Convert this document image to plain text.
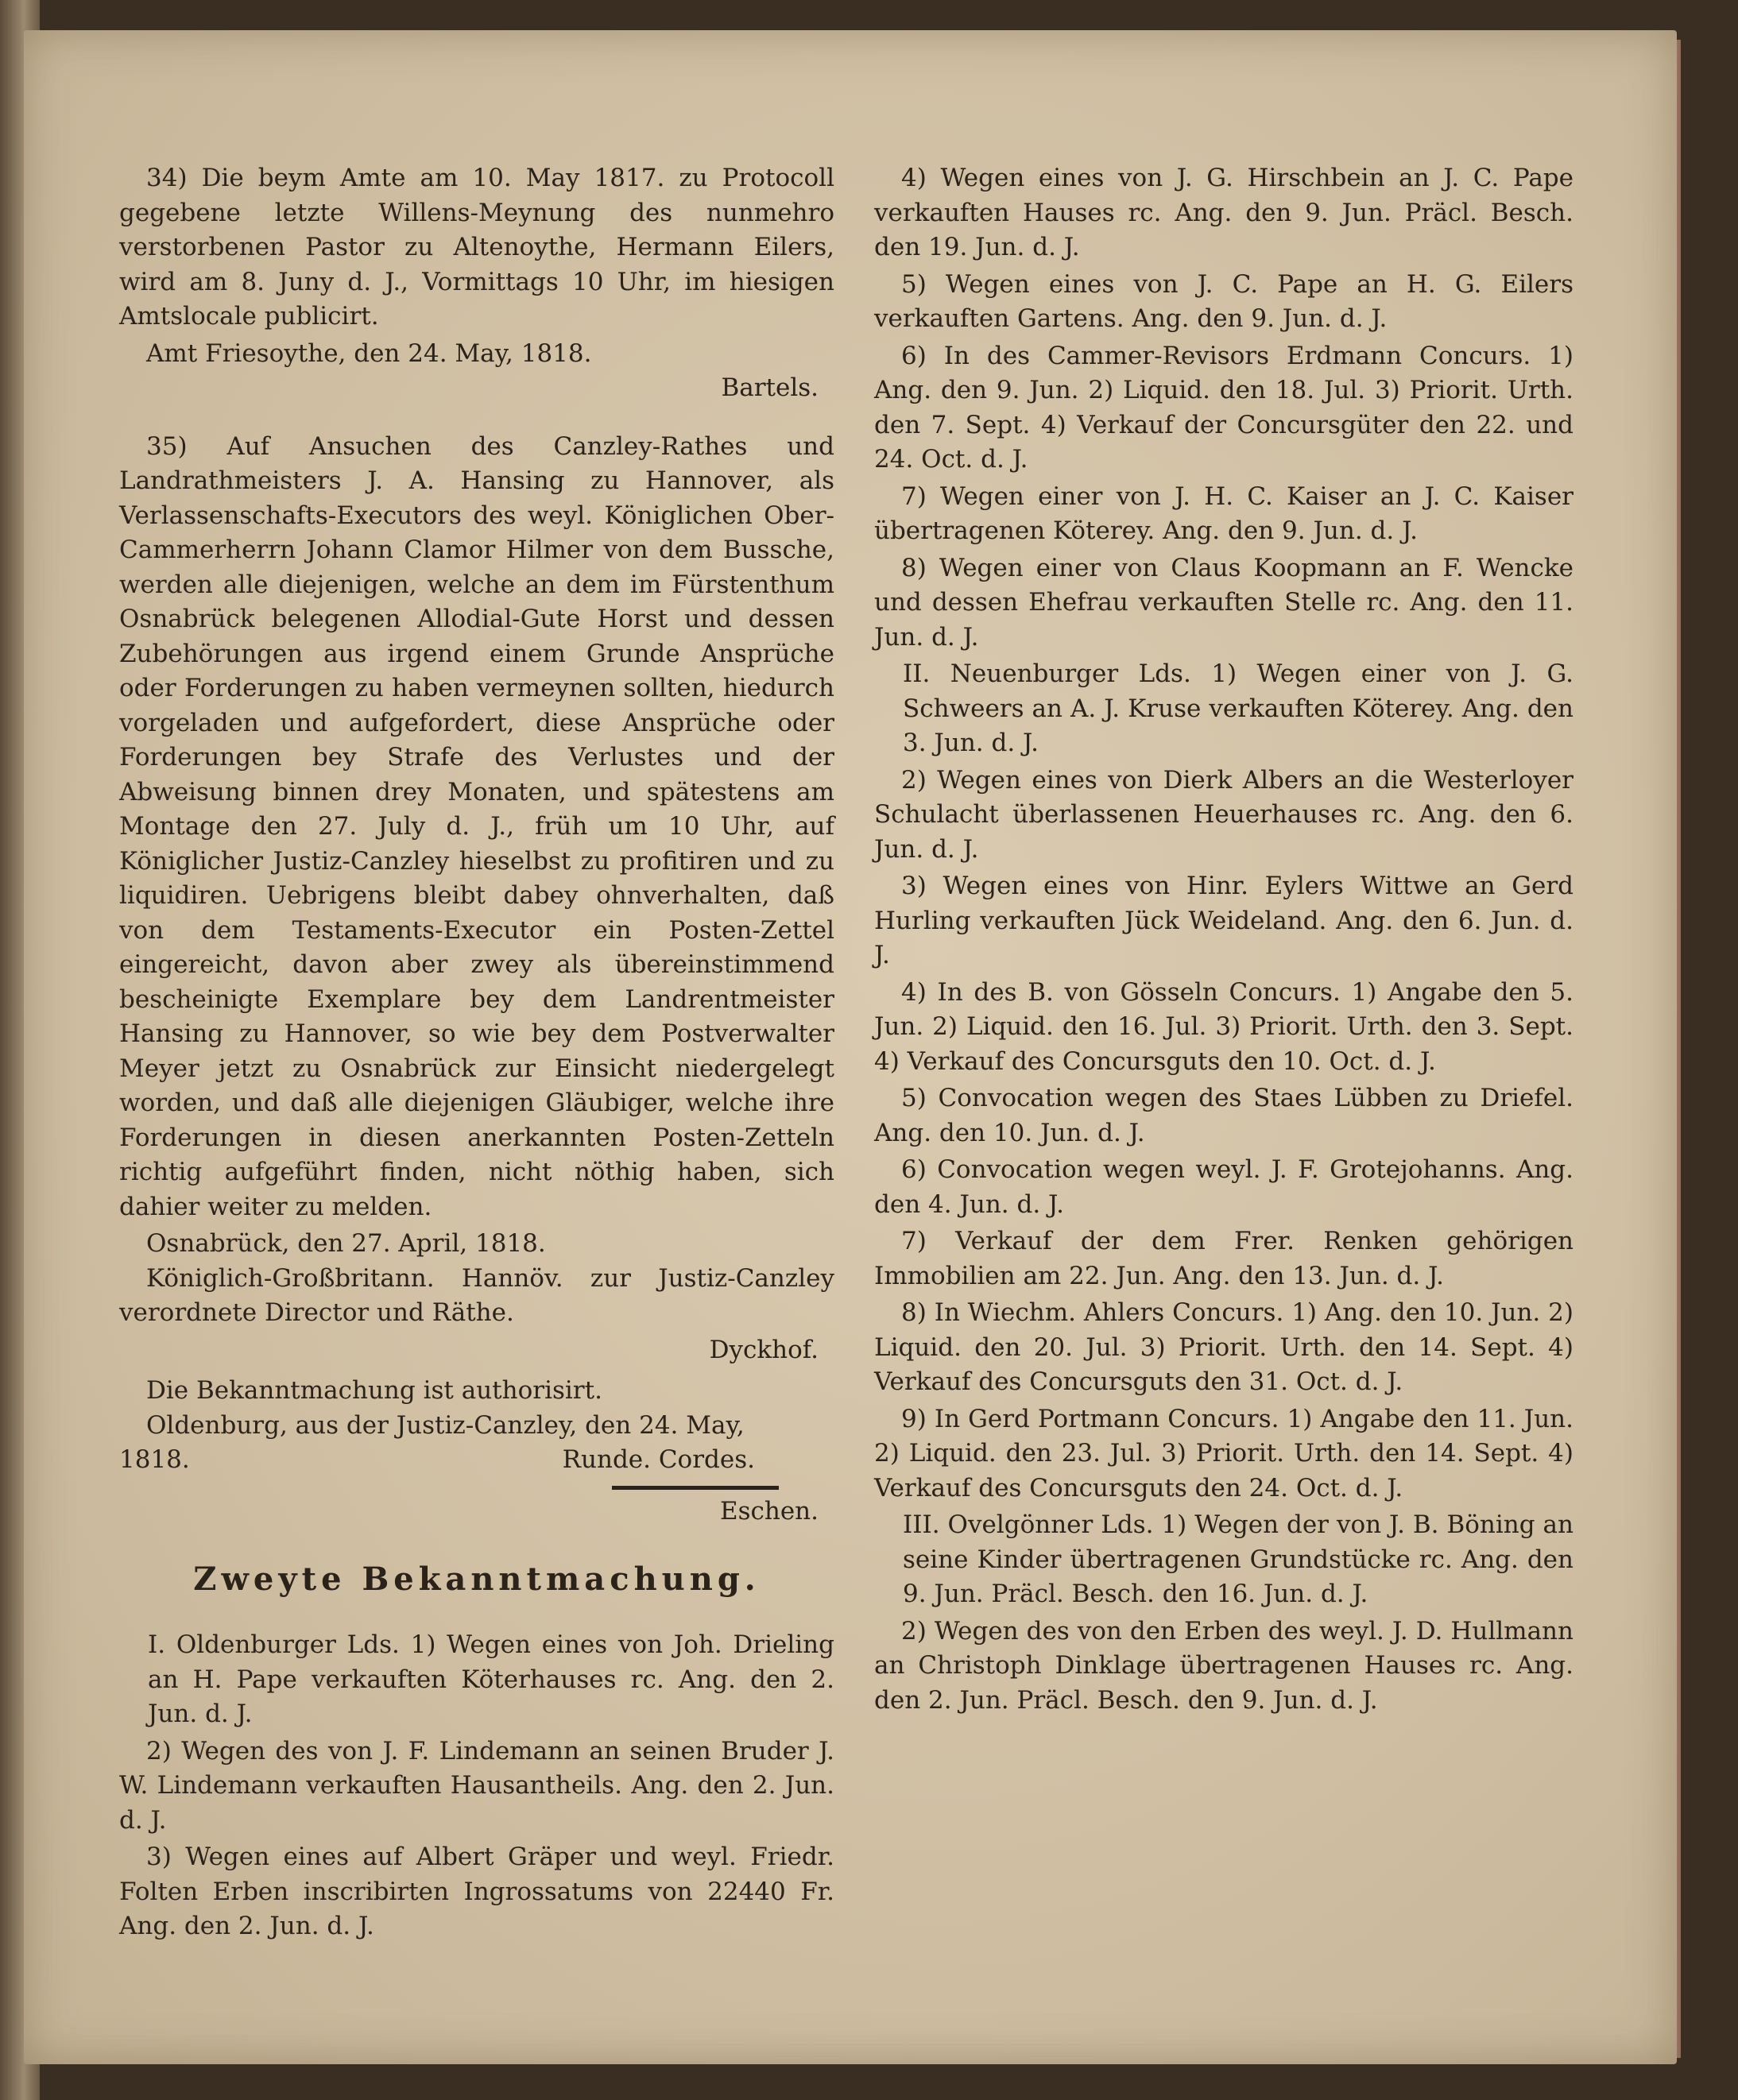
34) Die beym Amte am 10. May 1817. zu Protocoll gegebene letzte Willens-Meynung des nunmehro verstorbenen Pastor zu Altenoythe, Hermann Eilers, wird am 8. Juny d. J., Vormittags 10 Uhr, im hiesigen Amtslocale publicirt.

Amt Friesoythe, den 24. May, 1818.

Bartels.

35) Auf Ansuchen des Canzley-Rathes und Landrathmeisters J. A. Hansing zu Hannover, als Verlassenschafts-Executors des weyl. Königlichen Ober-Cammerherrn Johann Clamor Hilmer von dem Bussche, werden alle diejenigen, welche an dem im Fürstenthum Osnabrück belegenen Allodial-Gute Horst und dessen Zubehörungen aus irgend einem Grunde Ansprüche oder Forderungen zu haben vermeynen sollten, hiedurch vorgeladen und aufgefordert, diese Ansprüche oder Forderungen bey Strafe des Verlustes und der Abweisung binnen drey Monaten, und spätestens am Montage den 27. July d. J., früh um 10 Uhr, auf Königlicher Justiz-Canzley hieselbst zu profitiren und zu liquidiren. Uebrigens bleibt dabey ohnverhalten, daß von dem Testaments-Executor ein Posten-Zettel eingereicht, davon aber zwey als übereinstimmend bescheinigte Exemplare bey dem Landrentmeister Hansing zu Hannover, so wie bey dem Postverwalter Meyer jetzt zu Osnabrück zur Einsicht niedergelegt worden, und daß alle diejenigen Gläubiger, welche ihre Forderungen in diesen anerkannten Posten-Zetteln richtig aufgeführt finden, nicht nöthig haben, sich dahier weiter zu melden.

Osnabrück, den 27. April, 1818.

Königlich-Großbritann. Hannöv. zur Justiz-Canzley verordnete Director und Räthe.

Dyckhof.

Die Bekanntmachung ist authorisirt.

Oldenburg, aus der Justiz-Canzley, den 24. May,

1818.	Runde. Cordes.

Eschen.

Zweyte Bekanntmachung.

I. Oldenburger Lds. 1) Wegen eines von Joh. Drieling an H. Pape verkauften Köterhauses rc. Ang. den 2. Jun. d. J.

2) Wegen des von J. F. Lindemann an seinen Bruder J. W. Lindemann verkauften Hausantheils. Ang. den 2. Jun. d. J.

3) Wegen eines auf Albert Gräper und weyl. Friedr. Folten Erben inscribirten Ingrossatums von 22440 Fr. Ang. den 2. Jun. d. J.

4) Wegen eines von J. G. Hirschbein an J. C. Pape verkauften Hauses rc. Ang. den 9. Jun. Präcl. Besch. den 19. Jun. d. J.

5) Wegen eines von J. C. Pape an H. G. Eilers verkauften Gartens. Ang. den 9. Jun. d. J.

6) In des Cammer-Revisors Erdmann Concurs. 1) Ang. den 9. Jun. 2) Liquid. den 18. Jul. 3) Priorit. Urth. den 7. Sept. 4) Verkauf der Concursgüter den 22. und 24. Oct. d. J.

7) Wegen einer von J. H. C. Kaiser an J. C. Kaiser übertragenen Köterey. Ang. den 9. Jun. d. J.

8) Wegen einer von Claus Koopmann an F. Wencke und dessen Ehefrau verkauften Stelle rc. Ang. den 11. Jun. d. J.

II. Neuenburger Lds. 1) Wegen einer von J. G. Schweers an A. J. Kruse verkauften Köterey. Ang. den 3. Jun. d. J.

2) Wegen eines von Dierk Albers an die Westerloyer Schulacht überlassenen Heuerhauses rc. Ang. den 6. Jun. d. J.

3) Wegen eines von Hinr. Eylers Wittwe an Gerd Hurling verkauften Jück Weideland. Ang. den 6. Jun. d. J.

4) In des B. von Gösseln Concurs. 1) Angabe den 5. Jun. 2) Liquid. den 16. Jul. 3) Priorit. Urth. den 3. Sept. 4) Verkauf des Concursguts den 10. Oct. d. J.

5) Convocation wegen des Staes Lübben zu Driefel. Ang. den 10. Jun. d. J.

6) Convocation wegen weyl. J. F. Grotejohanns. Ang. den 4. Jun. d. J.

7) Verkauf der dem Frer. Renken gehörigen Immobilien am 22. Jun. Ang. den 13. Jun. d. J.

8) In Wiechm. Ahlers Concurs. 1) Ang. den 10. Jun. 2) Liquid. den 20. Jul. 3) Priorit. Urth. den 14. Sept. 4) Verkauf des Concursguts den 31. Oct. d. J.

9) In Gerd Portmann Concurs. 1) Angabe den 11. Jun. 2) Liquid. den 23. Jul. 3) Priorit. Urth. den 14. Sept. 4) Verkauf des Concursguts den 24. Oct. d. J.

III. Ovelgönner Lds. 1) Wegen der von J. B. Böning an seine Kinder übertragenen Grundstücke rc. Ang. den 9. Jun. Präcl. Besch. den 16. Jun. d. J.

2) Wegen des von den Erben des weyl. J. D. Hullmann an Christoph Dinklage übertragenen Hauses rc. Ang. den 2. Jun. Präcl. Besch. den 9. Jun. d. J.
